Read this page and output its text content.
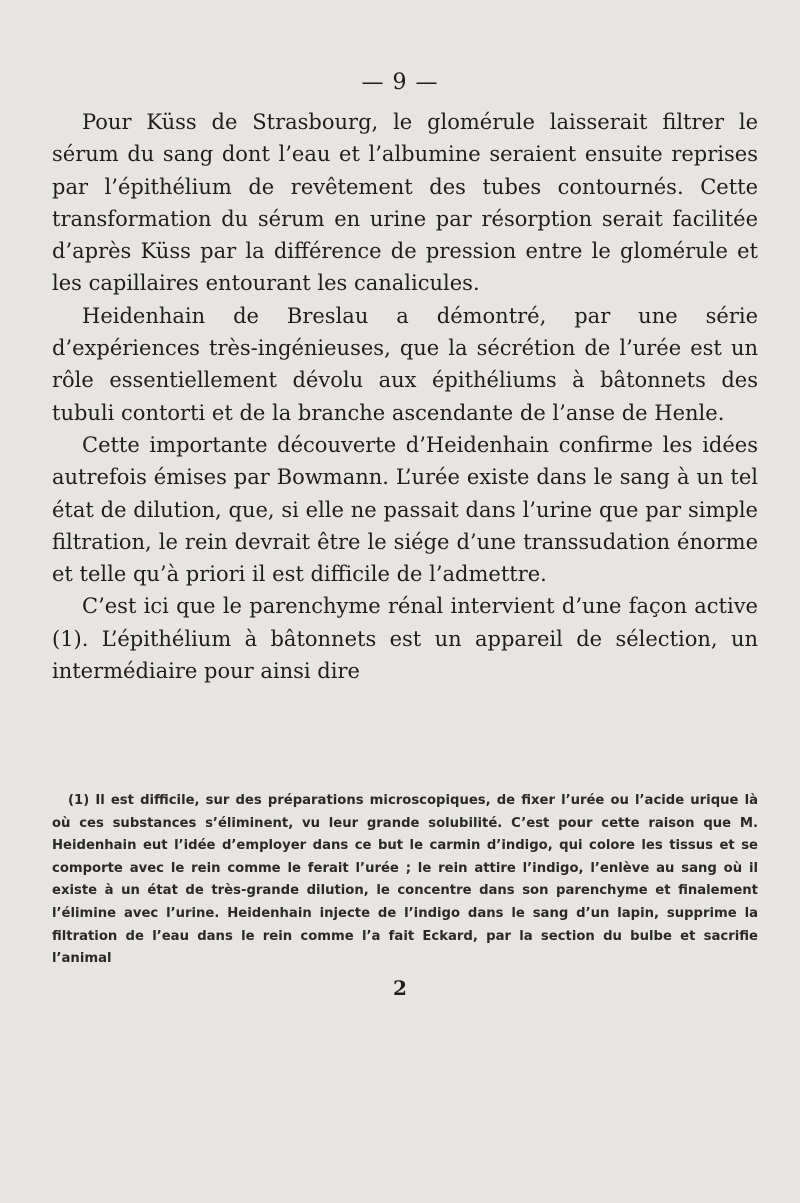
— 9 —

Pour Küss de Strasbourg, le glomérule laisserait filtrer le sérum du sang dont l’eau et l’albumine seraient ensuite reprises par l’épithélium de revêtement des tubes contournés. Cette transformation du sérum en urine par résorption serait facilitée d’après Küss par la différence de pression entre le glomérule et les capillaires entourant les canalicules.

Heidenhain de Breslau a démontré, par une série d’expériences très-ingénieuses, que la sécrétion de l’urée est un rôle essentiellement dévolu aux épithéliums à bâtonnets des tubuli contorti et de la branche ascendante de l’anse de Henle.

Cette importante découverte d’Heidenhain confirme les idées autrefois émises par Bowmann. L’urée existe dans le sang à un tel état de dilution, que, si elle ne passait dans l’urine que par simple filtration, le rein devrait être le siége d’une transsudation énorme et telle qu’à priori il est difficile de l’admettre.

C’est ici que le parenchyme rénal intervient d’une façon active (1). L’épithélium à bâtonnets est un appareil de sélection, un intermédiaire pour ainsi dire

(1) Il est difficile, sur des préparations microscopiques, de fixer l’urée ou l’acide urique là où ces substances s’éliminent, vu leur grande solubilité. C’est pour cette raison que M. Heidenhain eut l’idée d’employer dans ce but le carmin d’indigo, qui colore les tissus et se comporte avec le rein comme le ferait l’urée ; le rein attire l’indigo, l’enlève au sang où il existe à un état de très-grande dilution, le concentre dans son parenchyme et finalement l’élimine avec l’urine. Heidenhain injecte de l’indigo dans le sang d’un lapin, supprime la filtration de l’eau dans le rein comme l’a fait Eckard, par la section du bulbe et sacrifie l’animal

2
